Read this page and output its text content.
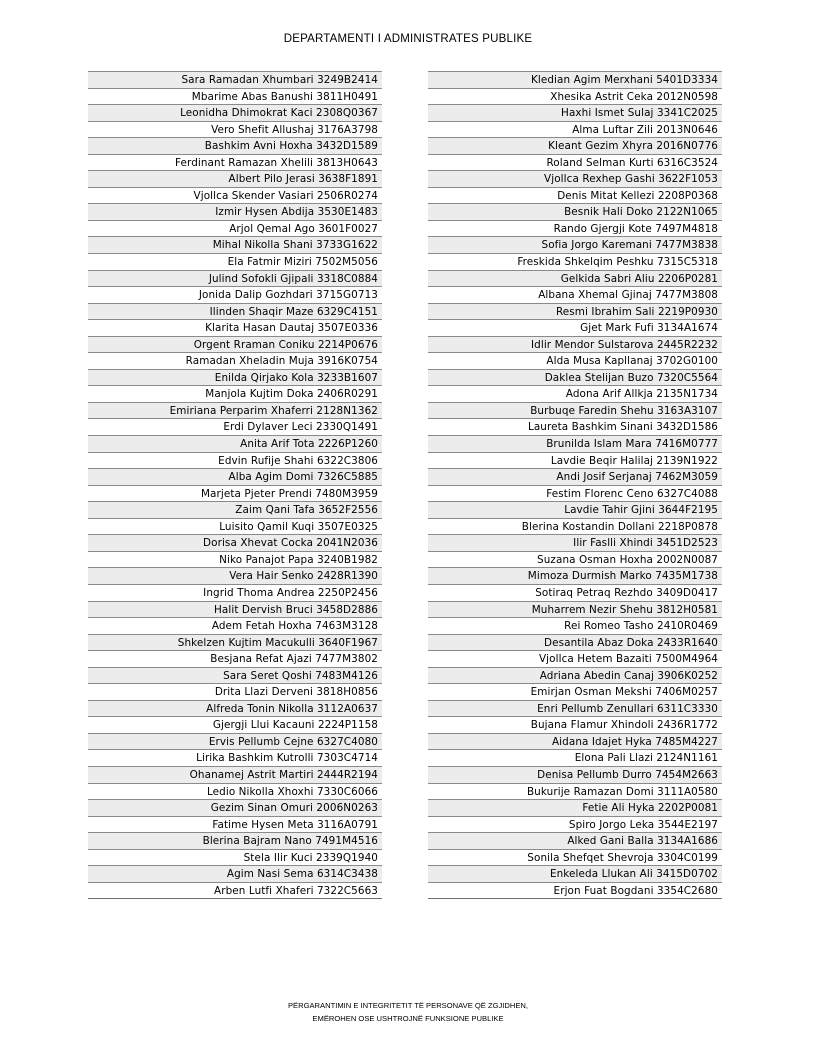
DEPARTAMENTI I ADMINISTRATES PUBLIKE
Sara Ramadan Xhumbari 3249B2414
Mbarime Abas Banushi 3811H0491
Leonidha Dhimokrat Kaci 2308Q0367
Vero Shefit Allushaj 3176A3798
Bashkim Avni Hoxha 3432D1589
Ferdinant Ramazan Xhelili 3813H0643
Albert Pilo Jerasi 3638F1891
Vjollca Skender Vasiari 2506R0274
Izmir Hysen Abdija 3530E1483
Arjol Qemal Ago 3601F0027
Mihal Nikolla Shani 3733G1622
Ela Fatmir Miziri 7502M5056
Julind Sofokli Gjipali 3318C0884
Jonida Dalip Gozhdari 3715G0713
Ilinden Shaqir Maze 6329C4151
Klarita Hasan Dautaj 3507E0336
Orgent Rraman Coniku 2214P0676
Ramadan Xheladin Muja 3916K0754
Enilda Qirjako Kola 3233B1607
Manjola Kujtim Doka 2406R0291
Emiriana Perparim Xhaferri 2128N1362
Erdi Dylaver Leci 2330Q1491
Anita Arif Tota 2226P1260
Edvin Rufije Shahi 6322C3806
Alba Agim Domi 7326C5885
Marjeta Pjeter Prendi 7480M3959
Zaim Qani Tafa 3652F2556
Luisito Qamil Kuqi 3507E0325
Dorisa Xhevat Cocka 2041N2036
Niko Panajot Papa 3240B1982
Vera Hair Senko 2428R1390
Ingrid Thoma Andrea 2250P2456
Halit Dervish Bruci 3458D2886
Adem Fetah Hoxha 7463M3128
Shkelzen Kujtim Macukulli 3640F1967
Besjana Refat Ajazi 7477M3802
Sara Seret Qoshi 7483M4126
Drita Llazi Derveni 3818H0856
Alfreda Tonin Nikolla 3112A0637
Gjergji Llui Kacauni 2224P1158
Ervis Pellumb Cejne 6327C4080
Lirika Bashkim Kutrolli 7303C4714
Ohanamej Astrit Martiri 2444R2194
Ledio Nikolla Xhoxhi 7330C6066
Gezim Sinan Omuri 2006N0263
Fatime Hysen Meta 3116A0791
Blerina Bajram Nano 7491M4516
Stela Ilir Kuci 2339Q1940
Agim Nasi Sema 6314C3438
Arben Lutfi Xhaferi 7322C5663
Kledian Agim Merxhani 5401D3334
Xhesika Astrit Ceka 2012N0598
Haxhi Ismet Sulaj 3341C2025
Alma Luftar Zili 2013N0646
Kleant Gezim Xhyra 2016N0776
Roland Selman Kurti 6316C3524
Vjollca Rexhep Gashi 3622F1053
Denis Mitat Kellezi 2208P0368
Besnik Hali Doko 2122N1065
Rando Gjergji Kote 7497M4818
Sofia Jorgo Karemani 7477M3838
Freskida Shkelqim Peshku 7315C5318
Gelkida Sabri Aliu 2206P0281
Albana Xhemal Gjinaj 7477M3808
Resmi Ibrahim Sali 2219P0930
Gjet Mark Fufi 3134A1674
Idlir Mendor Sulstarova 2445R2232
Alda Musa Kapllanaj 3702G0100
Daklea Stelijan Buzo 7320C5564
Adona Arif Allkja 2135N1734
Burbuqe Faredin Shehu 3163A3107
Laureta Bashkim Sinani 3432D1586
Brunilda Islam Mara 7416M0777
Lavdie Beqir Halilaj 2139N1922
Andi Josif Serjanaj 7462M3059
Festim Florenc Ceno 6327C4088
Lavdie Tahir Gjini 3644F2195
Blerina Kostandin Dollani 2218P0878
Ilir Faslli Xhindi 3451D2523
Suzana Osman Hoxha 2002N0087
Mimoza Durmish Marko 7435M1738
Sotiraq Petraq Rezhdo 3409D0417
Muharrem Nezir Shehu 3812H0581
Rei Romeo Tasho 2410R0469
Desantila Abaz Doka 2433R1640
Vjollca Hetem Bazaiti 7500M4964
Adriana Abedin Canaj 3906K0252
Emirjan Osman Mekshi 7406M0257
Enri Pellumb Zenullari 6311C3330
Bujana Flamur Xhindoli 2436R1772
Aidana Idajet Hyka 7485M4227
Elona Pali Llazi 2124N1161
Denisa Pellumb Durro 7454M2663
Bukurije Ramazan Domi 3111A0580
Fetie Ali Hyka 2202P0081
Spiro Jorgo Leka 3544E2197
Alked Gani Balla 3134A1686
Sonila Shefqet Shevroja 3304C0199
Enkeleda Llukan Ali 3415D0702
Erjon Fuat Bogdani 3354C2680
PËRGARANTIMIN E INTEGRITETIT TË PERSONAVE QË ZGJIDHEN,
EMËROHEN OSE USHTROJNË FUNKSIONE PUBLIKE
